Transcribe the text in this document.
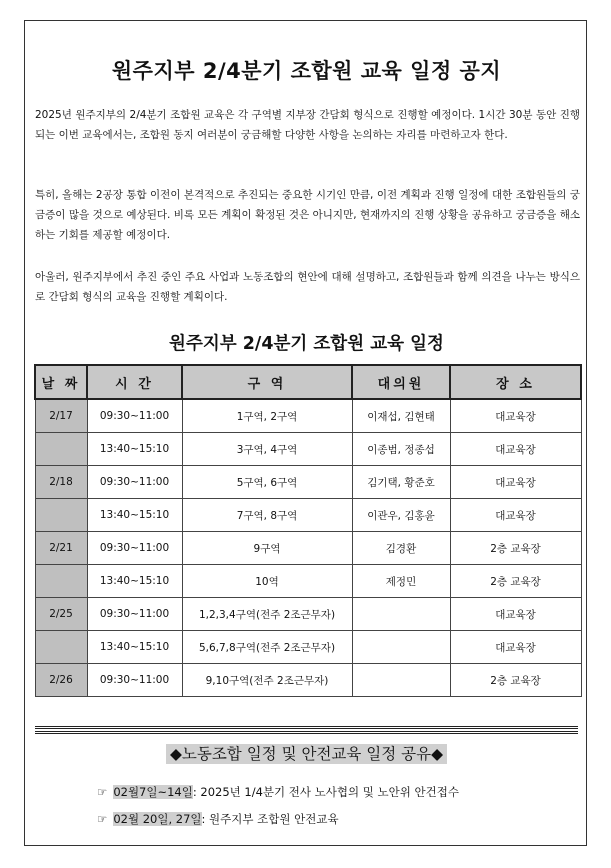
원주지부 2/4분기 조합원 교육 일정 공지

2025년 원주지부의 2/4분기 조합원 교육은 각 구역별 지부장 간담회 형식으로 진행할 예정이다. 1시간 30분 동안 진행되는 이번 교육에서는, 조합원 동지 여러분이 궁금해할 다양한 사항을 논의하는 자리를 마련하고자 한다.

특히, 올해는 2공장 통합 이전이 본격적으로 추진되는 중요한 시기인 만큼, 이전 계획과 진행 일정에 대한 조합원들의 궁금증이 많을 것으로 예상된다. 비록 모든 계획이 확정된 것은 아니지만, 현재까지의 진행 상황을 공유하고 궁금증을 해소하는 기회를 제공할 예정이다.

아울러, 원주지부에서 추진 중인 주요 사업과 노동조합의 현안에 대해 설명하고, 조합원들과 함께 의견을 나누는 방식으로 간담회 형식의 교육을 진행할 계획이다.

원주지부 2/4분기 조합원 교육 일정
날 짜	시 간	구 역	대의원	장 소
2/17	09:30~11:00	1구역, 2구역	이재섭, 김현태	대교육장
	13:40~15:10	3구역, 4구역	이종범, 정종섭	대교육장
2/18	09:30~11:00	5구역, 6구역	김기택, 황준호	대교육장
	13:40~15:10	7구역, 8구역	이관우, 김홍윤	대교육장
2/21	09:30~11:00	9구역	김경환	2층 교육장
	13:40~15:10	10역	제정민	2층 교육장
2/25	09:30~11:00	1,2,3,4구역(전주 2조근무자)		대교육장
	13:40~15:10	5,6,7,8구역(전주 2조근무자)		대교육장
2/26	09:30~11:00	9,10구역(전주 2조근무자)		2층 교육장
◆노동조합 일정 및 안전교육 일정 공유◆
☞ 02월7일~14일: 2025년 1/4분기 전사 노사협의 및 노안위 안건접수
☞ 02월 20일, 27일: 원주지부 조합원 안전교육
